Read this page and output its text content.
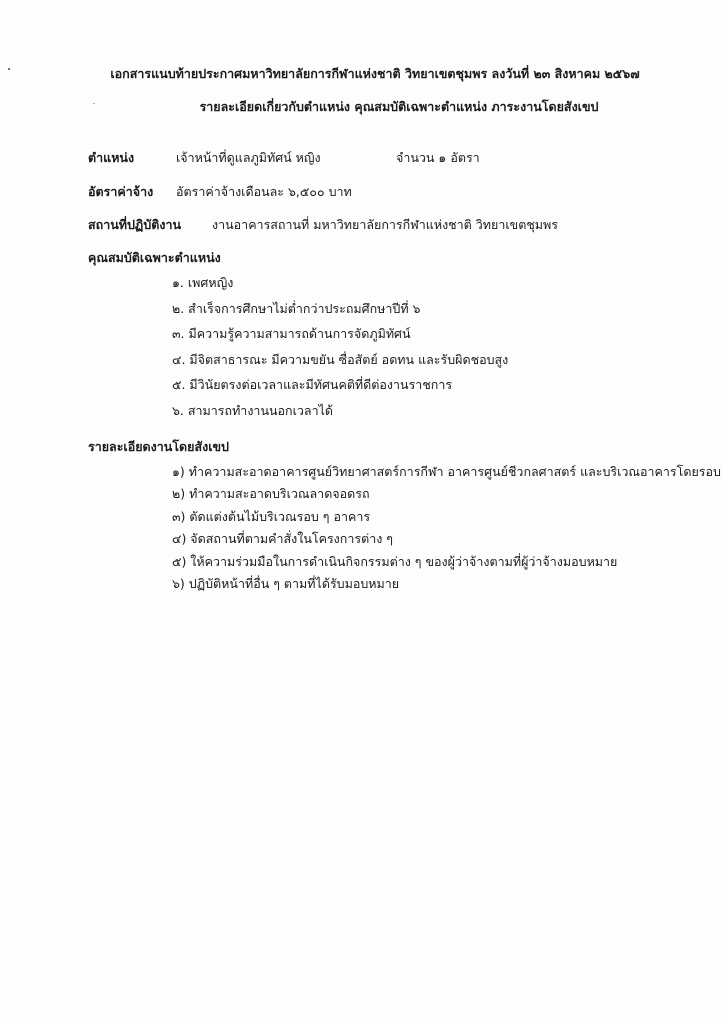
เอกสารแนบท้ายประกาศมหาวิทยาลัยการกีฬาแห่งชาติ วิทยาเขตชุมพร ลงวันที่ ๒๓ สิงหาคม ๒๕๖๗
รายละเอียดเกี่ยวกับตำแหน่ง คุณสมบัติเฉพาะตำแหน่ง ภาระงานโดยสังเขป
ตำแหน่ง	เจ้าหน้าที่ดูแลภูมิทัศน์ หญิง	จำนวน ๑ อัตรา
อัตราค่าจ้าง อัตราค่าจ้างเดือนละ ๖,๕๐๐ บาท
สถานที่ปฏิบัติงาน งานอาคารสถานที่ มหาวิทยาลัยการกีฬาแห่งชาติ วิทยาเขตชุมพร
คุณสมบัติเฉพาะตำแหน่ง
๑. เพศหญิง
๒. สำเร็จการศึกษาไม่ต่ำกว่าประถมศึกษาปีที่ ๖
๓. มีความรู้ความสามารถด้านการจัดภูมิทัศน์
๔. มีจิตสาธารณะ มีความขยัน ซื่อสัตย์ อดทน และรับผิดชอบสูง
๕. มีวินัยตรงต่อเวลาและมีทัศนคติที่ดีต่องานราชการ
๖. สามารถทำงานนอกเวลาได้
รายละเอียดงานโดยสังเขป
๑) ทำความสะอาดอาคารศูนย์วิทยาศาสตร์การกีฬา อาคารศูนย์ชีวกลศาสตร์ และบริเวณอาคารโดยรอบ
๒) ทำความสะอาดบริเวณลาดจอดรถ
๓) ตัดแต่งต้นไม้บริเวณรอบ ๆ อาคาร
๔) จัดสถานที่ตามคำสั่งในโครงการต่าง ๆ
๕) ให้ความร่วมมือในการดำเนินกิจกรรมต่าง ๆ ของผู้ว่าจ้างตามที่ผู้ว่าจ้างมอบหมาย
๖) ปฏิบัติหน้าที่อื่น ๆ ตามที่ได้รับมอบหมาย
